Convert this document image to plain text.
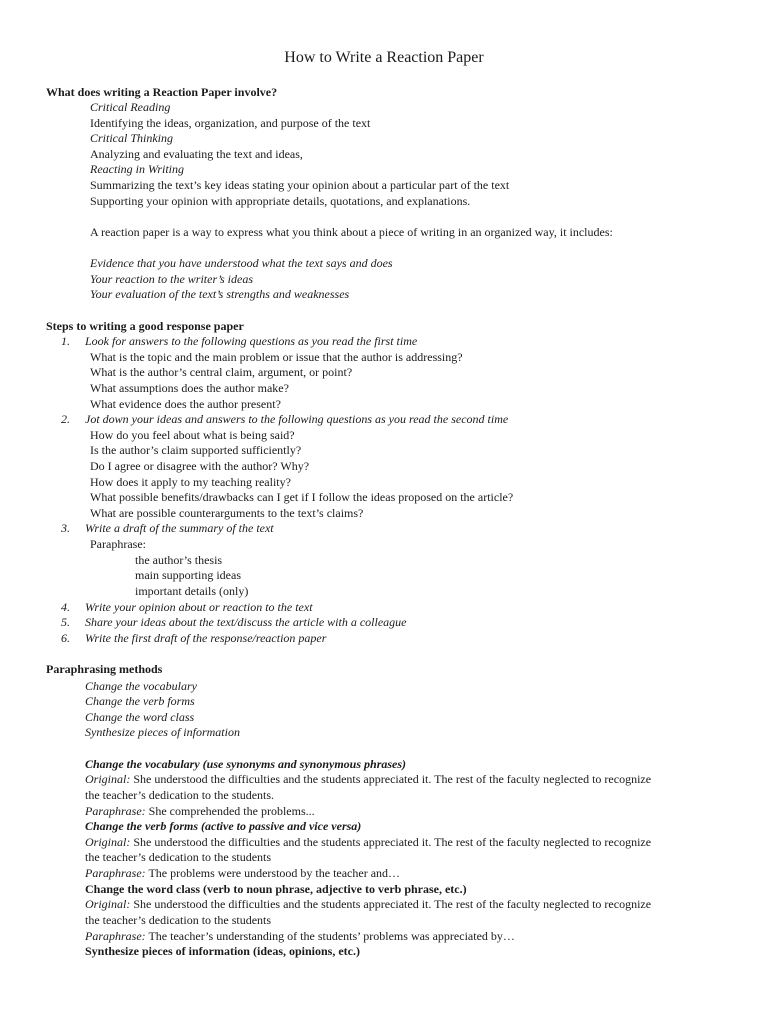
How to Write a Reaction Paper
What does writing a Reaction Paper involve?
Critical Reading
Identifying the ideas, organization, and purpose of the text
Critical Thinking
Analyzing and evaluating the text and ideas,
Reacting in Writing
Summarizing the text’s key ideas stating your opinion about a particular part of the text
Supporting your opinion with appropriate details, quotations, and explanations.
A reaction paper is a way to express what you think about a piece of writing in an organized way, it includes:
Evidence that you have understood what the text says and does
Your reaction to the writer’s ideas
Your evaluation of the text’s strengths and weaknesses
Steps to writing a good response paper
1. Look for answers to the following questions as you read the first time
What is the topic and the main problem or issue that the author is addressing?
What is the author’s central claim, argument, or point?
What assumptions does the author make?
What evidence does the author present?
2. Jot down your ideas and answers to the following questions as you read the second time
How do you feel about what is being said?
Is the author’s claim supported sufficiently?
Do I agree or disagree with the author? Why?
How does it apply to my teaching reality?
What possible benefits/drawbacks can I get if I follow the ideas proposed on the article?
What are possible counterarguments to the text’s claims?
3. Write a draft of the summary of the text
Paraphrase:
the author’s thesis
main supporting ideas
important details (only)
4. Write your opinion about or reaction to the text
5. Share your ideas about the text/discuss the article with a colleague
6. Write the first draft of the response/reaction paper
Paraphrasing methods
Change the vocabulary
Change the verb forms
Change the word class
Synthesize pieces of information
Change the vocabulary (use synonyms and synonymous phrases)
Original: She understood the difficulties and the students appreciated it. The rest of the faculty neglected to recognize
the teacher’s dedication to the students.
Paraphrase: She comprehended the problems...
Change the verb forms (active to passive and vice versa)
Original: She understood the difficulties and the students appreciated it. The rest of the faculty neglected to recognize
the teacher’s dedication to the students
Paraphrase: The problems were understood by the teacher and…
Change the word class (verb to noun phrase, adjective to verb phrase, etc.)
Original: She understood the difficulties and the students appreciated it. The rest of the faculty neglected to recognize
the teacher’s dedication to the students
Paraphrase: The teacher’s understanding of the students’ problems was appreciated by…
Synthesize pieces of information (ideas, opinions, etc.)
